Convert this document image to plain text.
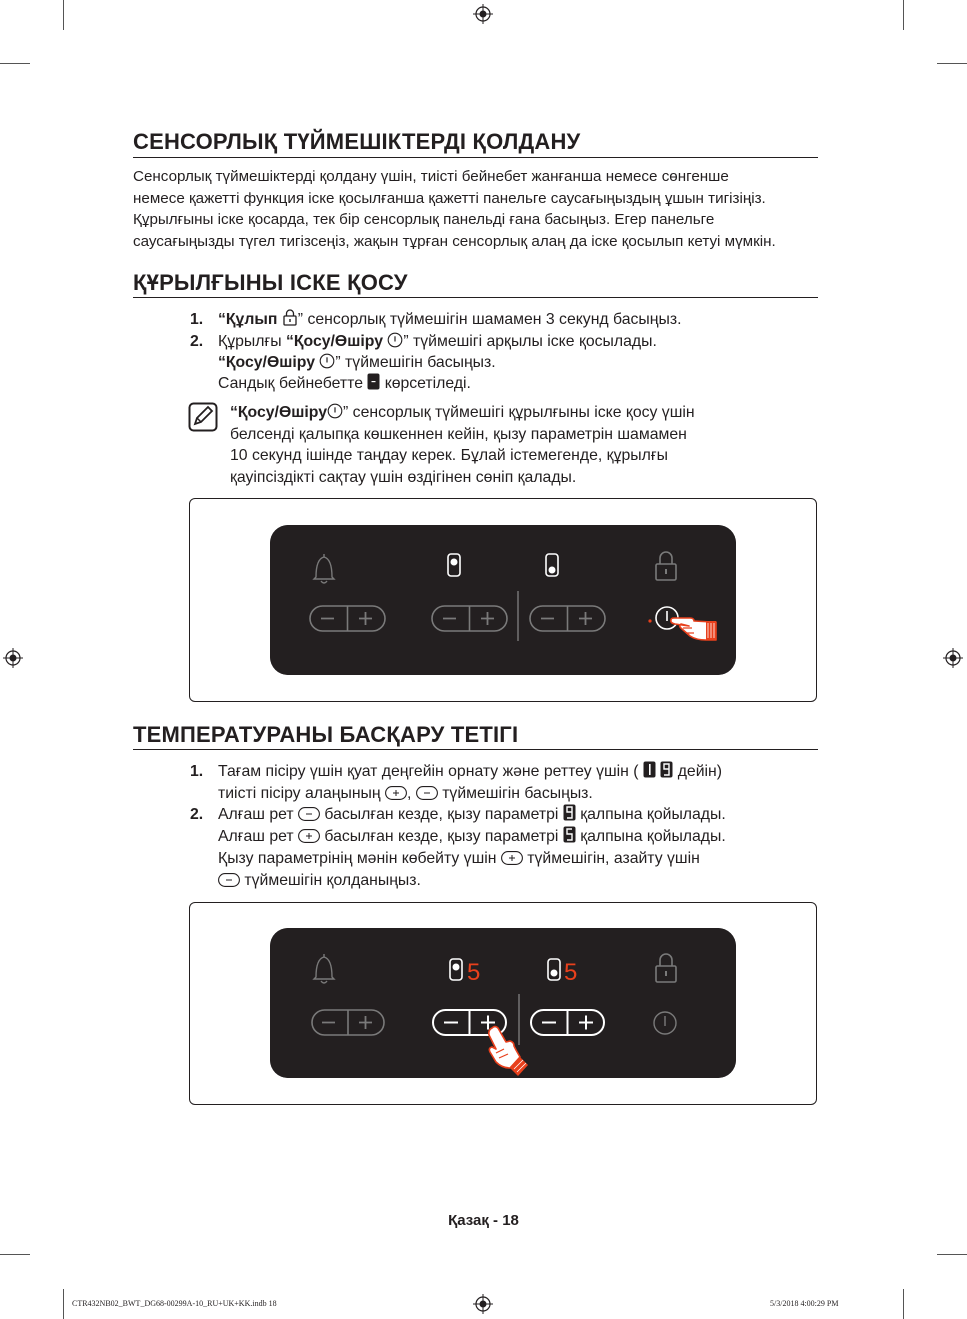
СЕНСОРЛЫҚ ТҮЙМЕШІКТЕРДІ ҚОЛДАНУ
Сенсорлық түймешіктерді қолдану үшін, тиісті бейнебет жанғанша немесе сөнгенше
немесе қажетті функция іске қосылғанша қажетті панельге саусағыңыздың ұшын тигізіңіз.
Құрылғыны іске қосарда, тек бір сенсорлық панельді ғана басыңыз. Егер панельге
саусағыңызды түгел тигізсеңіз, жақын тұрған сенсорлық алаң да іске қосылып кетуі мүмкін.
ҚҰРЫЛҒЫНЫ ІСКЕ ҚОСУ
1. “Құлып ” сенсорлық түймешігін шамамен 3 секунд басыңыз.
2. Құрылғы “Қосу/Өшіру ” түймешігі арқылы іске қосылады.
“Қосу/Өшіру ” түймешігін басыңыз.
Сандық бейнебетте  көрсетіледі.
“Қосу/Өшіру ” сенсорлық түймешігі құрылғыны іске қосу үшін
белсенді қалыпқа көшкеннен кейін, қызу параметрін шамамен
10 секунд ішінде таңдау керек. Бұлай істемегенде, құрылғы
қауіпсіздікті сақтау үшін өздігінен сөніп қалады.
ТЕМПЕРАТУРАНЫ БАСҚАРУ ТЕТІГІ
1. Тағам пісіру үшін қуат деңгейін орнату және реттеу үшін (   дейін)
тиісті пісіру алаңының ,  түймешігін басыңыз.
2. Алғаш рет  басылған кезде, қызу параметрі  қалпына қойылады.
Алғаш рет  басылған кезде, қызу параметрі  қалпына қойылады.
Қызу параметрінің мәнін көбейту үшін  түймешігін, азайту үшін
түймешігін қолданыңыз.
5	5
Қазақ - 18
CTR432NB02_BWT_DG68-00299A-10_RU+UK+KK.indb 18	5/3/2018 4:00:29 PM
